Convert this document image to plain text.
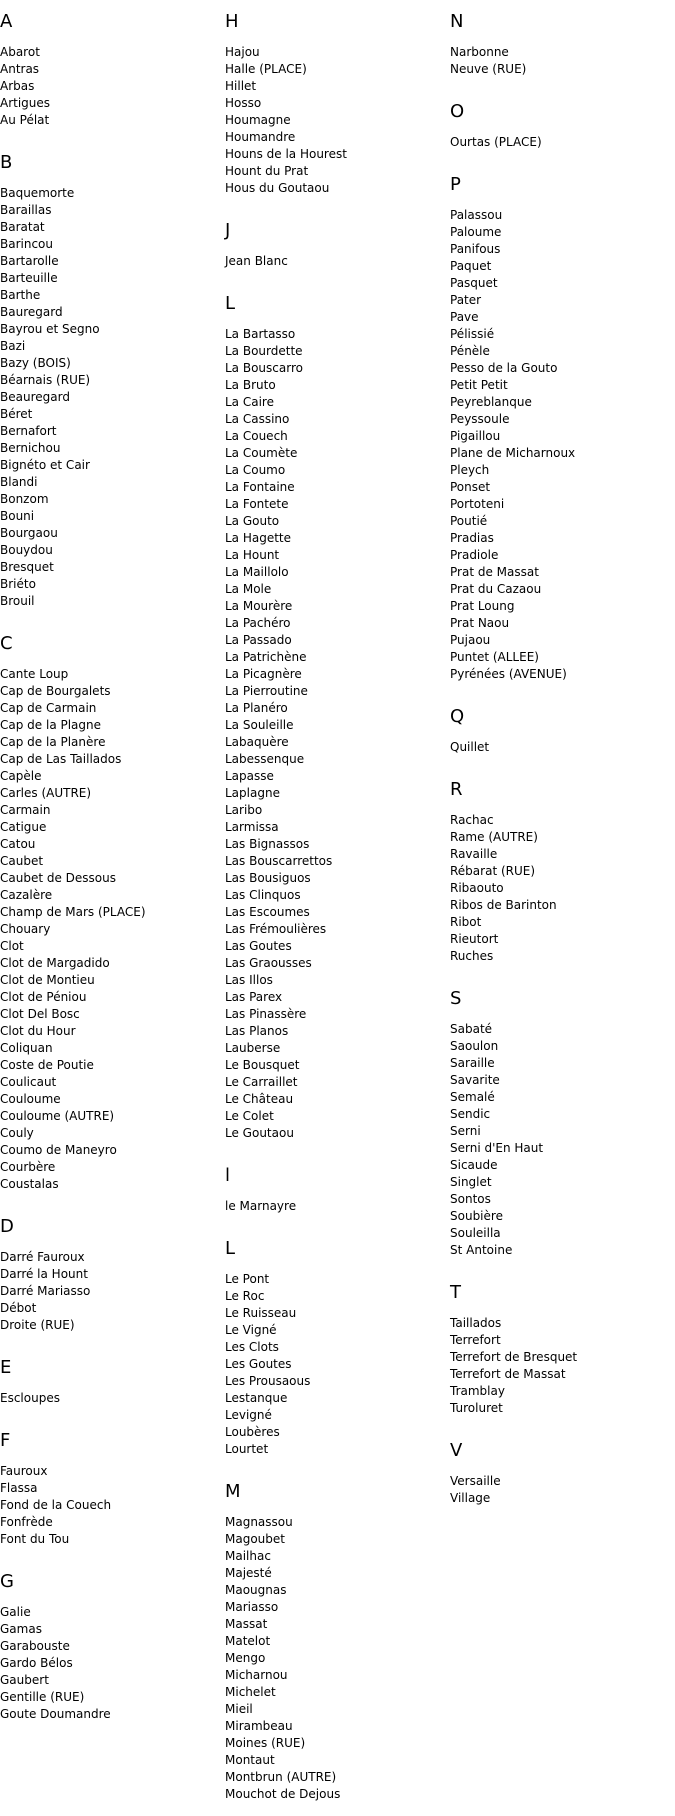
A
Abarot
Antras
Arbas
Artigues
Au Pélat
B
Baquemorte
Baraillas
Baratat
Barincou
Bartarolle
Barteuille
Barthe
Bauregard
Bayrou et Segno
Bazi
Bazy (BOIS)
Béarnais (RUE)
Beauregard
Béret
Bernafort
Bernichou
Bignéto et Cair
Blandi
Bonzom
Bouni
Bourgaou
Bouydou
Bresquet
Briéto
Brouil
C
Cante Loup
Cap de Bourgalets
Cap de Carmain
Cap de la Plagne
Cap de la Planère
Cap de Las Taillados
Capèle
Carles (AUTRE)
Carmain
Catigue
Catou
Caubet
Caubet de Dessous
Cazalère
Champ de Mars (PLACE)
Chouary
Clot
Clot de Margadido
Clot de Montieu
Clot de Péniou
Clot Del Bosc
Clot du Hour
Coliquan
Coste de Poutie
Coulicaut
Couloume
Couloume (AUTRE)
Couly
Coumo de Maneyro
Courbère
Coustalas
D
Darré Fauroux
Darré la Hount
Darré Mariasso
Débot
Droite (RUE)
E
Escloupes
F
Fauroux
Flassa
Fond de la Couech
Fonfrède
Font du Tou
G
Galie
Gamas
Garabouste
Gardo Bélos
Gaubert
Gentille (RUE)
Goute Doumandre
H
Hajou
Halle (PLACE)
Hillet
Hosso
Houmagne
Houmandre
Houns de la Hourest
Hount du Prat
Hous du Goutaou
J
Jean Blanc
L
La Bartasso
La Bourdette
La Bouscarro
La Bruto
La Caire
La Cassino
La Couech
La Coumète
La Coumo
La Fontaine
La Fontete
La Gouto
La Hagette
La Hount
La Maillolo
La Mole
La Mourère
La Pachéro
La Passado
La Patrichène
La Picagnère
La Pierroutine
La Planéro
La Souleille
Labaquère
Labessenque
Lapasse
Laplagne
Laribo
Larmissa
Las Bignassos
Las Bouscarrettos
Las Bousiguos
Las Clinquos
Las Escoumes
Las Frémoulières
Las Goutes
Las Graousses
Las Illos
Las Parex
Las Pinassère
Las Planos
Lauberse
Le Bousquet
Le Carraillet
Le Château
Le Colet
Le Goutaou
l
le Marnayre
L
Le Pont
Le Roc
Le Ruisseau
Le Vigné
Les Clots
Les Goutes
Les Prousaous
Lestanque
Levigné
Loubères
Lourtet
M
Magnassou
Magoubet
Mailhac
Majesté
Maougnas
Mariasso
Massat
Matelot
Mengo
Micharnou
Michelet
Mieil
Mirambeau
Moines (RUE)
Montaut
Montbrun (AUTRE)
Mouchot de Dejous
N
Narbonne
Neuve (RUE)
O
Ourtas (PLACE)
P
Palassou
Paloume
Panifous
Paquet
Pasquet
Pater
Pave
Pélissié
Pénèle
Pesso de la Gouto
Petit Petit
Peyreblanque
Peyssoule
Pigaillou
Plane de Micharnoux
Pleych
Ponset
Portoteni
Poutié
Pradias
Pradiole
Prat de Massat
Prat du Cazaou
Prat Loung
Prat Naou
Pujaou
Puntet (ALLEE)
Pyrénées (AVENUE)
Q
Quillet
R
Rachac
Rame (AUTRE)
Ravaille
Rébarat (RUE)
Ribaouto
Ribos de Barinton
Ribot
Rieutort
Ruches
S
Sabaté
Saoulon
Saraille
Savarite
Semalé
Sendic
Serni
Serni d'En Haut
Sicaude
Singlet
Sontos
Soubière
Souleilla
St Antoine
T
Taillados
Terrefort
Terrefort de Bresquet
Terrefort de Massat
Tramblay
Turoluret
V
Versaille
Village
